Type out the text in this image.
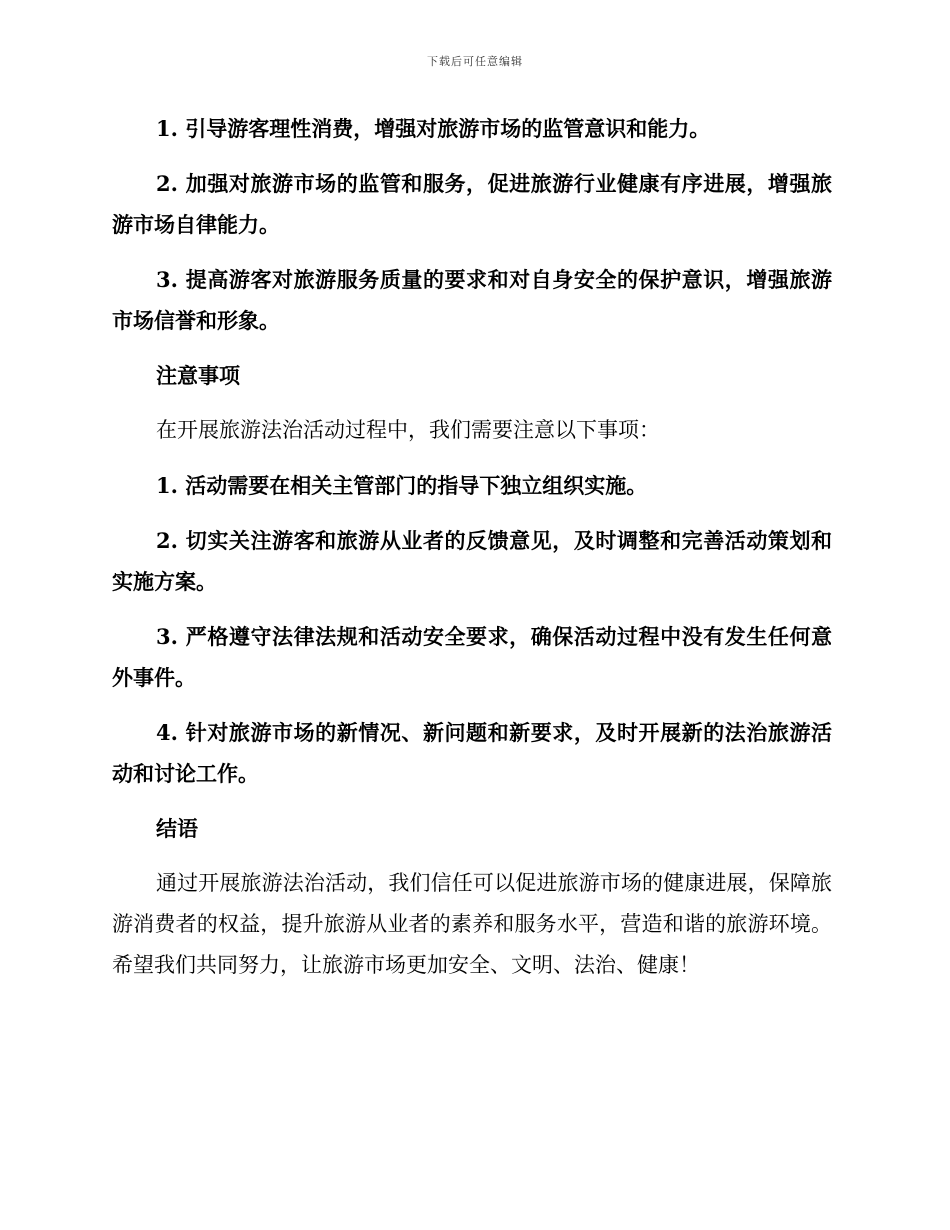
下载后可任意编辑

1. 引导游客理性消费，增强对旅游市场的监管意识和能力。

2. 加强对旅游市场的监管和服务，促进旅游行业健康有序进展，增强旅游市场自律能力。

3. 提高游客对旅游服务质量的要求和对自身安全的保护意识，增强旅游市场信誉和形象。

注意事项

在开展旅游法治活动过程中，我们需要注意以下事项：

1. 活动需要在相关主管部门的指导下独立组织实施。

2. 切实关注游客和旅游从业者的反馈意见，及时调整和完善活动策划和实施方案。

3. 严格遵守法律法规和活动安全要求，确保活动过程中没有发生任何意外事件。

4. 针对旅游市场的新情况、新问题和新要求，及时开展新的法治旅游活动和讨论工作。

结语

通过开展旅游法治活动，我们信任可以促进旅游市场的健康进展，保障旅游消费者的权益，提升旅游从业者的素养和服务水平，营造和谐的旅游环境。希望我们共同努力，让旅游市场更加安全、文明、法治、健康！
